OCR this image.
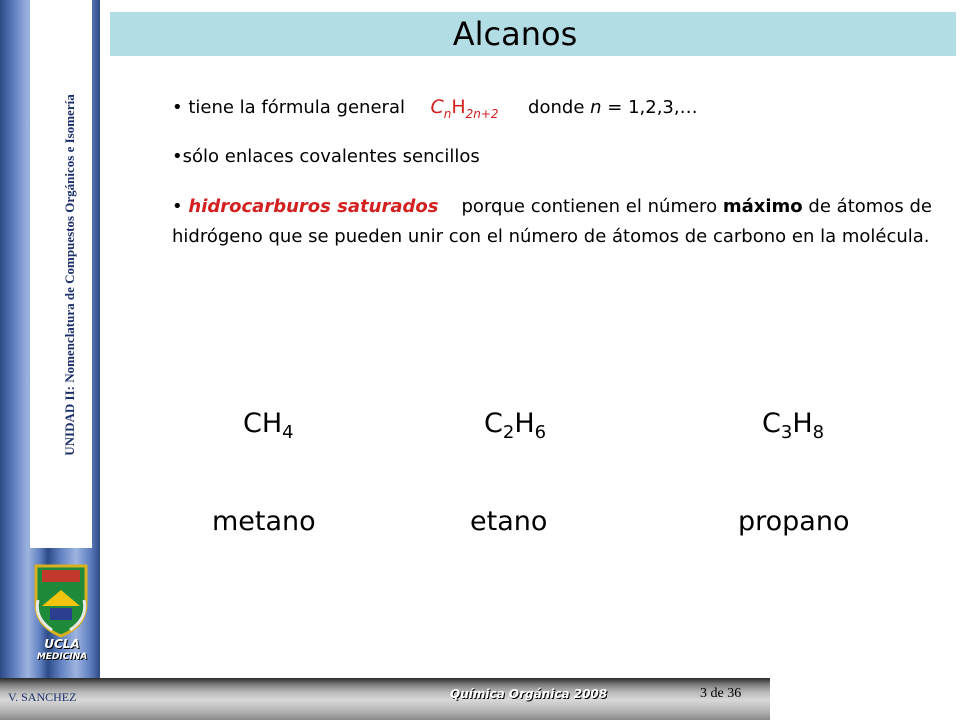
UNIDAD II: Nomenclatura de Compuestos Orgánicos e Isomería
UCLA
MEDICINA
V. SANCHEZ	Química Orgánica 2008	3 de 36
Alcanos
• tiene la fórmula general $C_nH_{2n+2}$ donde n = 1,2,3,…
•sólo enlaces covalentes sencillos
• hidrocarburos saturados porque contienen el número máximo de átomos de hidrógeno que se pueden unir con el número de átomos de carbono en la molécula.
$CH_4$	$C_2H_6$	$C_3H_8$
metano	etano	propano
